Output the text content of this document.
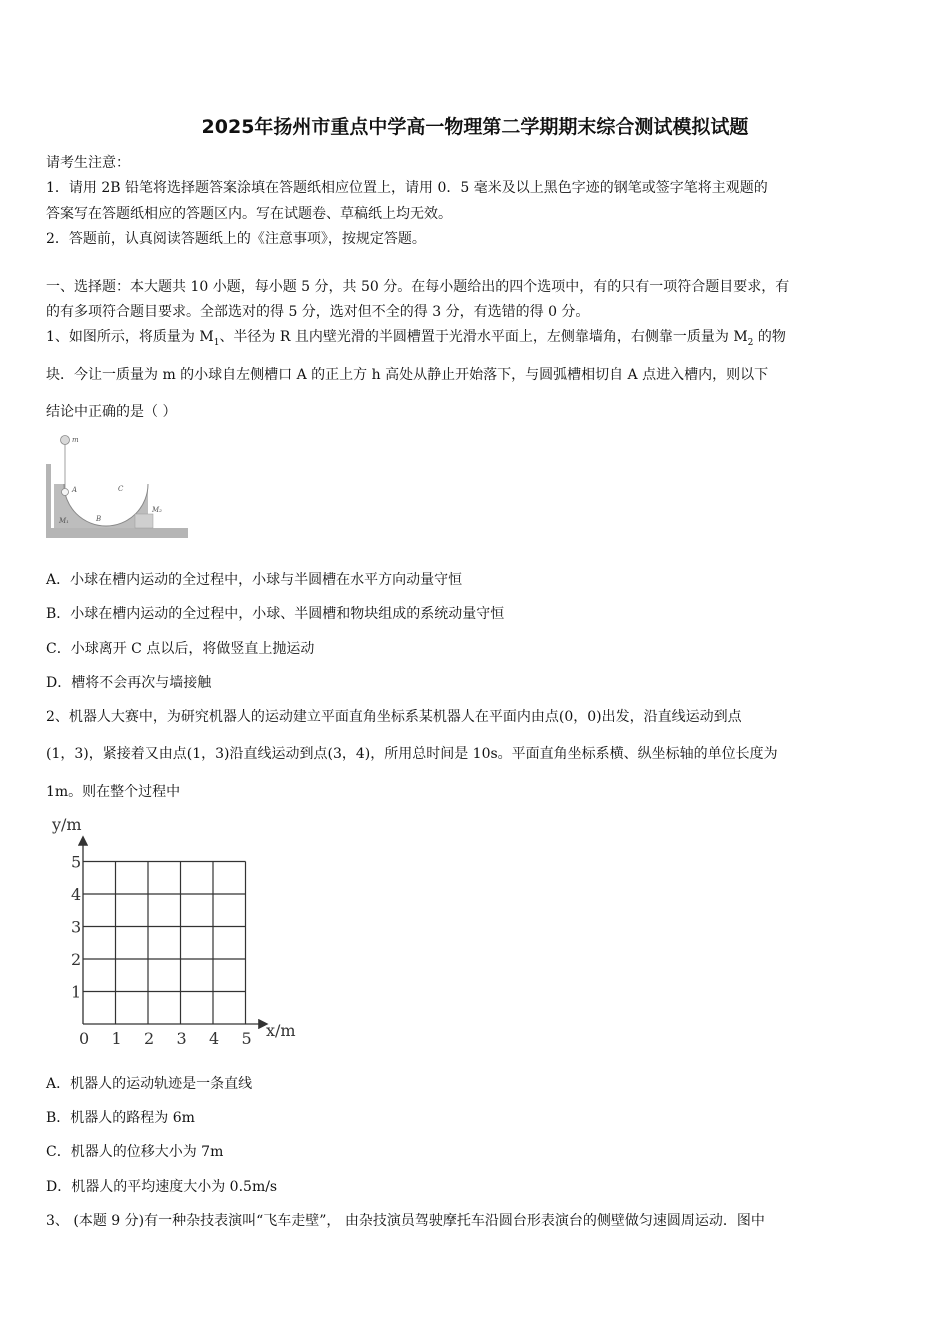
2025年扬州市重点中学高一物理第二学期期末综合测试模拟试题
请考生注意：
1．请用 2B 铅笔将选择题答案涂填在答题纸相应位置上，请用 0．5 毫米及以上黑色字迹的钢笔或签字笔将主观题的
答案写在答题纸相应的答题区内。写在试题卷、草稿纸上均无效。
2．答题前，认真阅读答题纸上的《注意事项》，按规定答题。
一、选择题：本大题共 10 小题，每小题 5 分，共 50 分。在每小题给出的四个选项中，有的只有一项符合题目要求，有
的有多项符合题目要求。全部选对的得 5 分，选对但不全的得 3 分，有选错的得 0 分。
1、如图所示，将质量为 $M_1$、半径为 R 且内壁光滑的半圆槽置于光滑水平面上，左侧靠墙角，右侧靠一质量为 $M_2$ 的物
块．今让一质量为 m 的小球自左侧槽口 A 的正上方 h 高处从静止开始落下，与圆弧槽相切自 A 点进入槽内，则以下
结论中正确的是（ ）
m
A
B
C
M₁
M₂
A．小球在槽内运动的全过程中，小球与半圆槽在水平方向动量守恒
B．小球在槽内运动的全过程中，小球、半圆槽和物块组成的系统动量守恒
C．小球离开 C 点以后，将做竖直上抛运动
D．槽将不会再次与墙接触
2、机器人大赛中，为研究机器人的运动建立平面直角坐标系某机器人在平面内由点(0，0)出发，沿直线运动到点
(1，3)，紧接着又由点(1，3)沿直线运动到点(3，4)，所用总时间是 10s。平面直角坐标系横、纵坐标轴的单位长度为
1m。则在整个过程中
y/m
x/m
0 1 2 3 4 5
1
2
3
4
5
A．机器人的运动轨迹是一条直线
B．机器人的路程为 6m
C．机器人的位移大小为 7m
D．机器人的平均速度大小为 0.5m/s
3、 (本题 9 分)有一种杂技表演叫“飞车走壁”， 由杂技演员驾驶摩托车沿圆台形表演台的侧壁做匀速圆周运动．图中
